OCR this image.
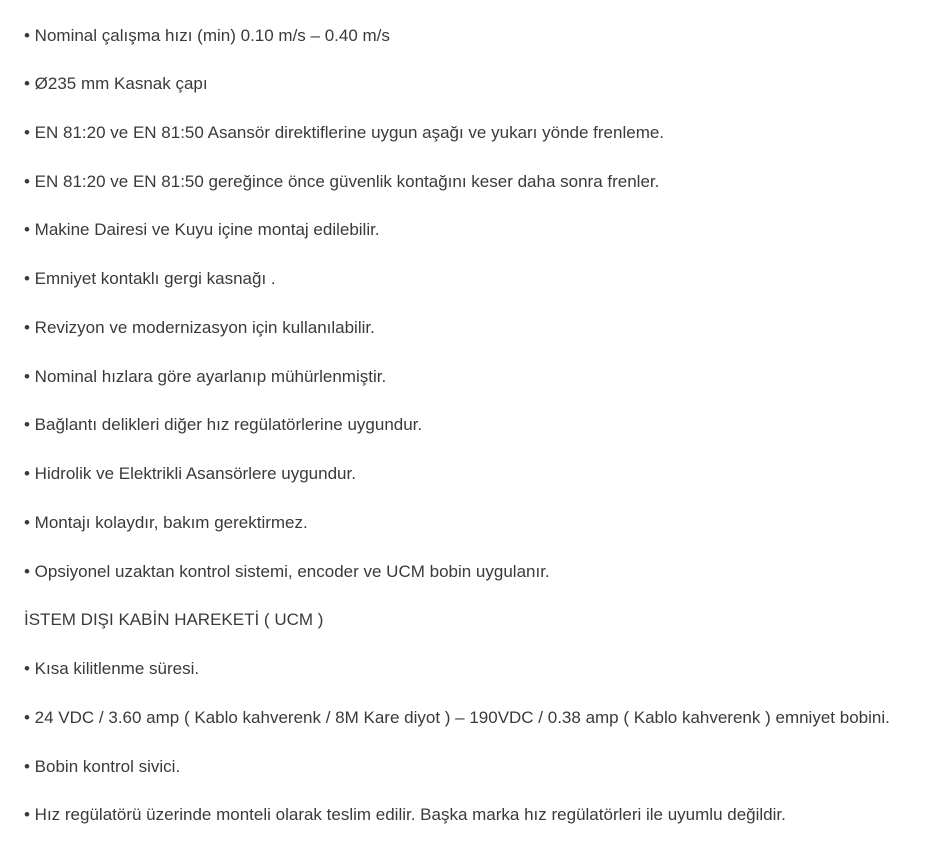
• Nominal çalışma hızı (min) 0.10 m/s – 0.40 m/s

• Ø235 mm Kasnak çapı

• EN 81:20 ve EN 81:50 Asansör direktiflerine uygun aşağı ve yukarı yönde frenleme.

• EN 81:20 ve EN 81:50 gereğince önce güvenlik kontağını keser daha sonra frenler.

• Makine Dairesi ve Kuyu içine montaj edilebilir.

• Emniyet kontaklı gergi kasnağı .

• Revizyon ve modernizasyon için kullanılabilir.

• Nominal hızlara göre ayarlanıp mühürlenmiştir.

• Bağlantı delikleri diğer hız regülatörlerine uygundur.

• Hidrolik ve Elektrikli Asansörlere uygundur.

• Montajı kolaydır, bakım gerektirmez.

• Opsiyonel uzaktan kontrol sistemi, encoder ve UCM bobin uygulanır.

İSTEM DIŞI KABİN HAREKETİ ( UCM )

• Kısa kilitlenme süresi.

• 24 VDC / 3.60 amp ( Kablo kahverenk / 8M Kare diyot ) – 190VDC / 0.38 amp ( Kablo kahverenk ) emniyet bobini.

• Bobin kontrol sivici.

• Hız regülatörü üzerinde monteli olarak teslim edilir. Başka marka hız regülatörleri ile uyumlu değildir.
